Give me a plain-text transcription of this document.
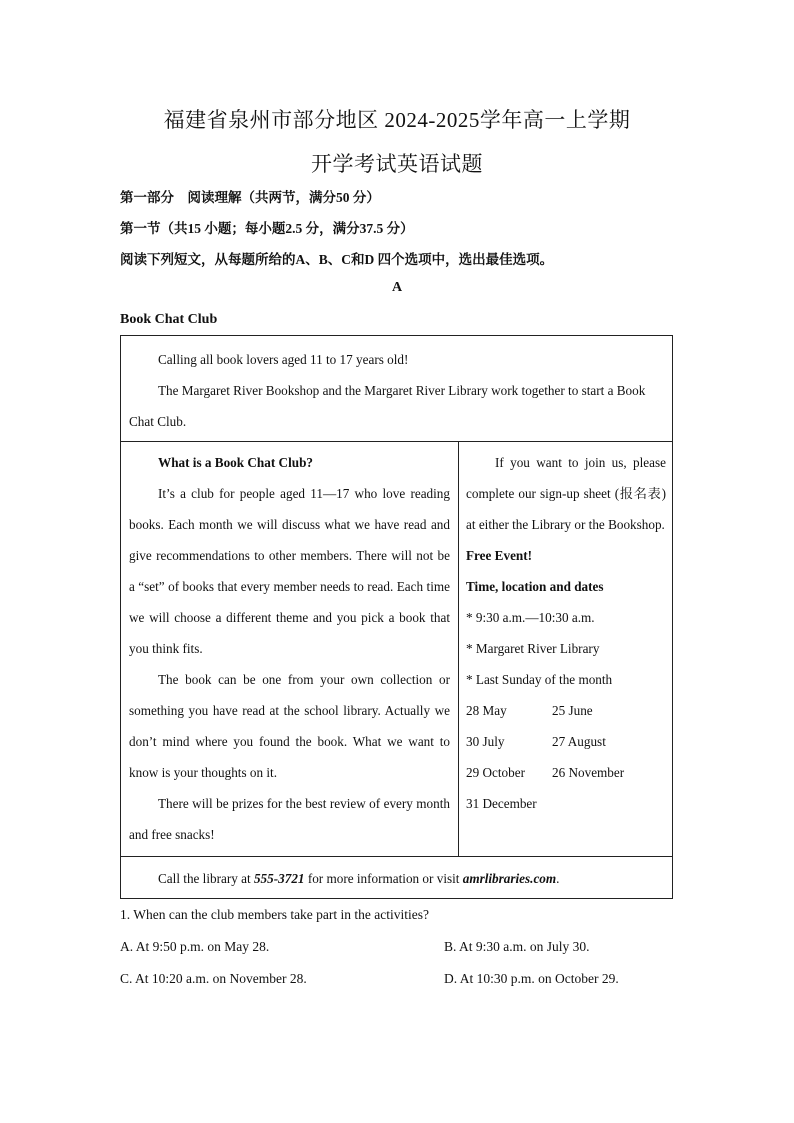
福建省泉州市部分地区 2024-2025学年高一上学期
开学考试英语试题
第一部分　阅读理解（共两节，满分50 分）
第一节（共15 小题；每小题2.5 分，满分37.5 分）
阅读下列短文，从每题所给的A、B、C和D 四个选项中，选出最佳选项。
A
Book Chat Club

Calling all book lovers aged 11 to 17 years old!

The Margaret River Bookshop and the Margaret River Library work together to start a Book Chat Club.

What is a Book Chat Club?

It’s a club for people aged 11—17 who love reading books. Each month we will discuss what we have read and give recommendations to other members. There will not be a “set” of books that every member needs to read. Each time we will choose a different theme and you pick a book that you think fits.

The book can be one from your own collection or something you have read at the school library. Actually we don’t mind where you found the book. What we want to know is your thoughts on it.

There will be prizes for the best review of every month and free snacks!

If you want to join us, please complete our sign-up sheet (报名表) at either the Library or the Bookshop.

Free Event!

Time, location and dates

* 9:30 a.m.—10:30 a.m.

* Margaret River Library

* Last Sunday of the month

28 May	25 June
30 July	27 August
29 October	26 November
31 December

Call the library at 555-3721 for more information or visit amrlibraries.com.

1. When can the club members take part in the activities?
A. At 9:50 p.m. on May 28.	B. At 9:30 a.m. on July 30.
C. At 10:20 a.m. on November 28.	D. At 10:30 p.m. on October 29.
